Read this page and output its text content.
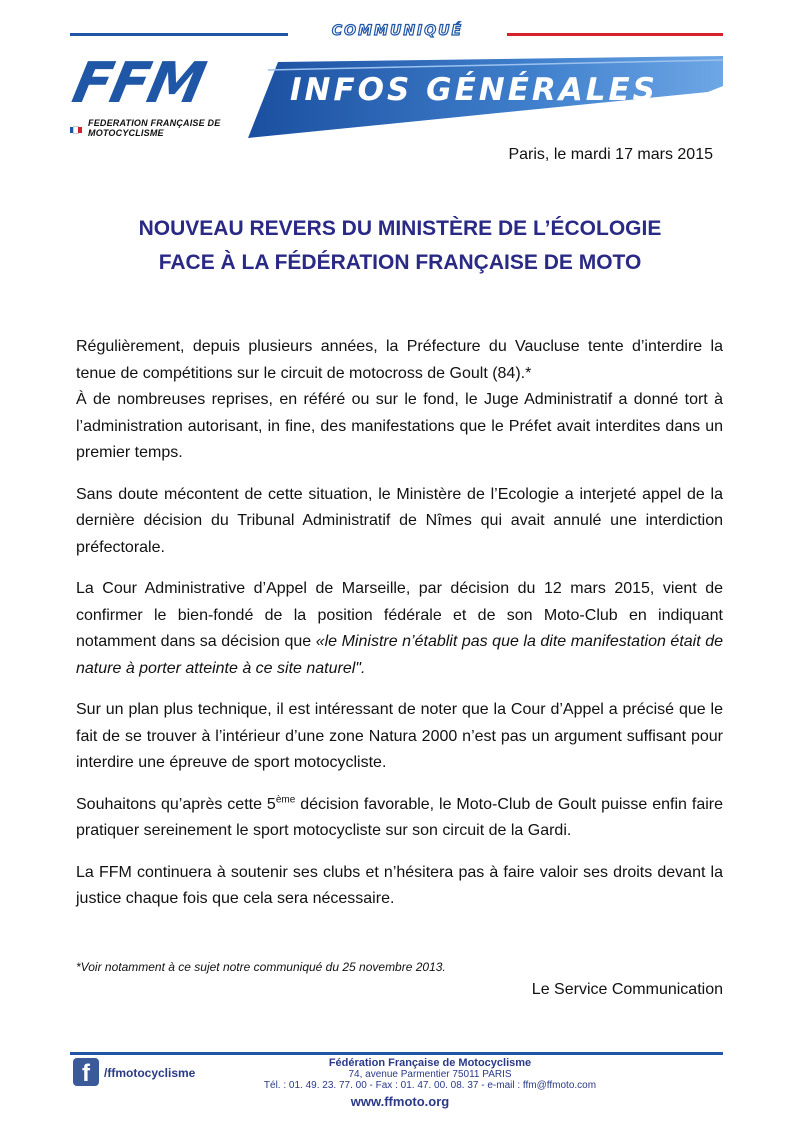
COMMUNIQUÉ
FFM
FEDERATION FRANÇAISE DE MOTOCYCLISME
INFOS GÉNÉRALES
Paris, le mardi 17 mars 2015
NOUVEAU REVERS DU MINISTÈRE DE L’ÉCOLOGIE
FACE À LA FÉDÉRATION FRANÇAISE DE MOTO

Régulièrement, depuis plusieurs années, la Préfecture du Vaucluse tente d’interdire la tenue de compétitions sur le circuit de motocross de Goult (84).*

À de nombreuses reprises, en référé ou sur le fond, le Juge Administratif a donné tort à l’administration autorisant, in fine, des manifestations que le Préfet avait interdites dans un premier temps.

Sans doute mécontent de cette situation, le Ministère de l’Ecologie a interjeté appel de la dernière décision du Tribunal Administratif de Nîmes qui avait annulé une interdiction préfectorale.

La Cour Administrative d’Appel de Marseille, par décision du 12 mars 2015, vient de confirmer le bien-fondé de la position fédérale et de son Moto-Club en indiquant notamment dans sa décision que «le Ministre n’établit pas que la dite manifestation était de nature à porter atteinte à ce site naturel".

Sur un plan plus technique, il est intéressant de noter que la Cour d’Appel a précisé que le fait de se trouver à l’intérieur d’une zone Natura 2000 n’est pas un argument suffisant pour interdire une épreuve de sport motocycliste.

Souhaitons qu’après cette 5ème décision favorable, le Moto-Club de Goult puisse enfin faire pratiquer sereinement le sport motocycliste sur son circuit de la Gardi.

La FFM continuera à soutenir ses clubs et n’hésitera pas à faire valoir ses droits devant la justice chaque fois que cela sera nécessaire.

*Voir notamment à ce sujet notre communiqué du 25 novembre 2013.
Le Service Communication
f	/ffmotocyclisme
Fédération Française de Motocyclisme
74, avenue Parmentier 75011 PARIS
Tél. : 01. 49. 23. 77. 00 - Fax : 01. 47. 00. 08. 37 - e-mail : ffm@ffmoto.com
www.ffmoto.org
